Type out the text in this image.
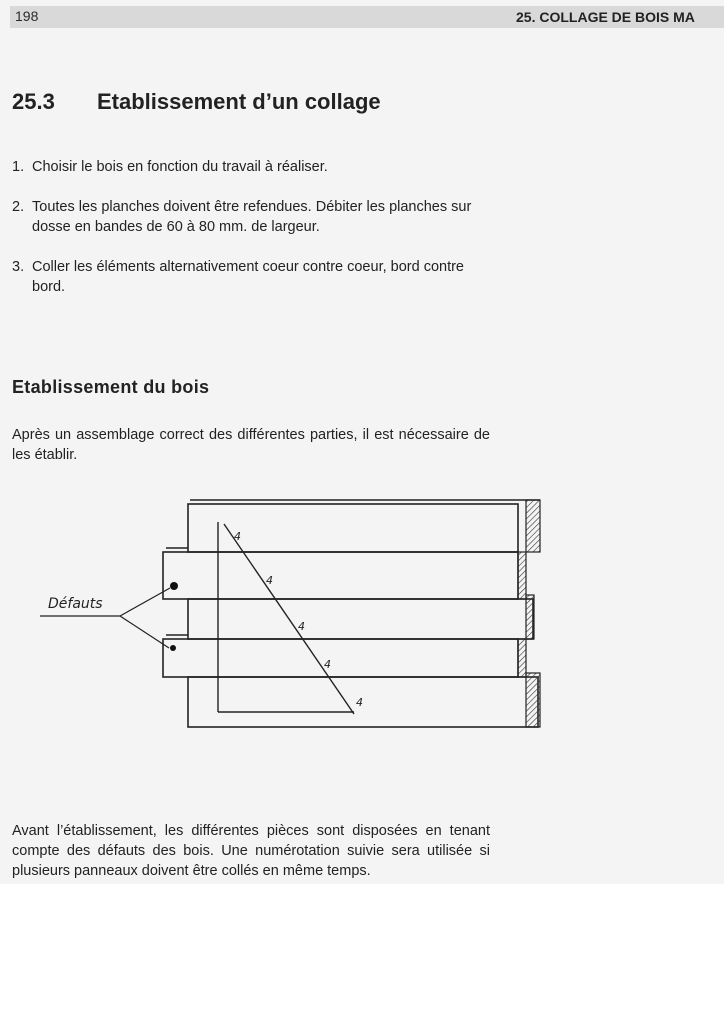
198	25. COLLAGE DE BOIS MA
25.3 Etablissement d’un collage
1. Choisir le bois en fonction du travail à réaliser.
2. Toutes les planches doivent être refendues. Débiter les planches sur dosse en bandes de 60 à 80 mm. de largeur.
3. Coller les éléments alternativement coeur contre coeur, bord contre bord.
Etablissement du bois
Après un assemblage correct des différentes parties, il est nécessaire de les établir.
Défauts
4
4
4
4
4
Avant l’établissement, les différentes pièces sont disposées en tenant compte des défauts des bois. Une numérotation suivie sera utilisée si plusieurs panneaux doivent être collés en même temps.
